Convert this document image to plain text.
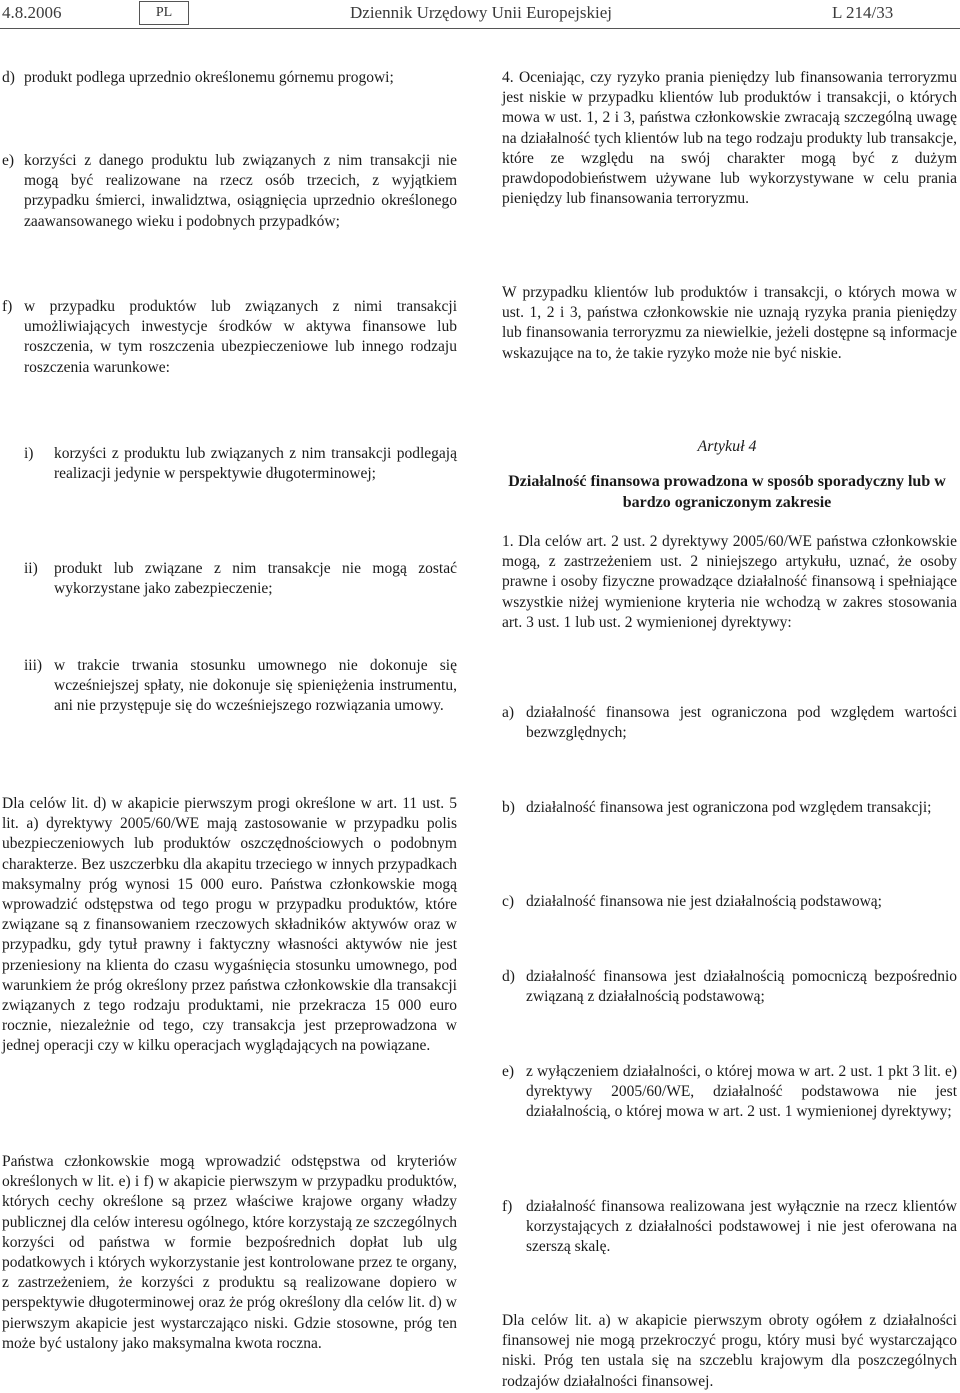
4.8.2006	PL	Dziennik Urzędowy Unii Europejskiej	L 214/33
d) produkt podlega uprzednio określonemu górnemu progowi;
e) korzyści z danego produktu lub związanych z nim transakcji nie mogą być realizowane na rzecz osób trzecich, z wyjątkiem przypadku śmierci, inwalidztwa, osiągnięcia uprzednio określonego zaawansowanego wieku i podobnych przypadków;
f) w przypadku produktów lub związanych z nimi transakcji umożliwiających inwestycje środków w aktywa finansowe lub roszczenia, w tym roszczenia ubezpieczeniowe lub innego rodzaju roszczenia warunkowe:
i) korzyści z produktu lub związanych z nim transakcji podlegają realizacji jedynie w perspektywie długoterminowej;
ii) produkt lub związane z nim transakcje nie mogą zostać wykorzystane jako zabezpieczenie;
iii) w trakcie trwania stosunku umownego nie dokonuje się wcześniejszej spłaty, nie dokonuje się spieniężenia instrumentu, ani nie przystępuje się do wcześniejszego rozwiązania umowy.

Dla celów lit. d) w akapicie pierwszym progi określone w art. 11 ust. 5 lit. a) dyrektywy 2005/60/WE mają zastosowanie w przypadku polis ubezpieczeniowych lub produktów oszczędnościowych o podobnym charakterze. Bez uszczerbku dla akapitu trzeciego w innych przypadkach maksymalny próg wynosi 15 000 euro. Państwa członkowskie mogą wprowadzić odstępstwa od tego progu w przypadku produktów, które związane są z finansowaniem rzeczowych składników aktywów oraz w przypadku, gdy tytuł prawny i faktyczny własności aktywów nie jest przeniesiony na klienta do czasu wygaśnięcia stosunku umownego, pod warunkiem że próg określony przez państwa członkowskie dla transakcji związanych z tego rodzaju produktami, nie przekracza 15 000 euro rocznie, niezależnie od tego, czy transakcja jest przeprowadzona w jednej operacji czy w kilku operacjach wyglądających na powiązane.

Państwa członkowskie mogą wprowadzić odstępstwa od kryteriów określonych w lit. e) i f) w akapicie pierwszym w przypadku produktów, których cechy określone są przez właściwe krajowe organy władzy publicznej dla celów interesu ogólnego, które korzystają ze szczególnych korzyści od państwa w formie bezpośrednich dopłat lub ulg podatkowych i których wykorzystanie jest kontrolowane przez te organy, z zastrzeżeniem, że korzyści z produktu są realizowane dopiero w perspektywie długoterminowej oraz że próg określony dla celów lit. d) w pierwszym akapicie jest wystarczająco niski. Gdzie stosowne, próg ten może być ustalony jako maksymalna kwota roczna.

4. Oceniając, czy ryzyko prania pieniędzy lub finansowania terroryzmu jest niskie w przypadku klientów lub produktów i transakcji, o których mowa w ust. 1, 2 i 3, państwa członkowskie zwracają szczególną uwagę na działalność tych klientów lub na tego rodzaju produkty lub transakcje, które ze względu na swój charakter mogą być z dużym prawdopodobieństwem używane lub wykorzystywane w celu prania pieniędzy lub finansowania terroryzmu.

W przypadku klientów lub produktów i transakcji, o których mowa w ust. 1, 2 i 3, państwa członkowskie nie uznają ryzyka prania pieniędzy lub finansowania terroryzmu za niewielkie, jeżeli dostępne są informacje wskazujące na to, że takie ryzyko może nie być niskie.

Artykuł 4
Działalność finansowa prowadzona w sposób sporadyczny lub w bardzo ograniczonym zakresie

1. Dla celów art. 2 ust. 2 dyrektywy 2005/60/WE państwa członkowskie mogą, z zastrzeżeniem ust. 2 niniejszego artykułu, uznać, że osoby prawne i osoby fizyczne prowadzące działalność finansową i spełniające wszystkie niżej wymienione kryteria nie wchodzą w zakres stosowania art. 3 ust. 1 lub ust. 2 wymienionej dyrektywy:

a) działalność finansowa jest ograniczona pod względem wartości bezwzględnych;
b) działalność finansowa jest ograniczona pod względem transakcji;
c) działalność finansowa nie jest działalnością podstawową;
d) działalność finansowa jest działalnością pomocniczą bezpośrednio związaną z działalnością podstawową;
e) z wyłączeniem działalności, o której mowa w art. 2 ust. 1 pkt 3 lit. e) dyrektywy 2005/60/WE, działalność podstawowa nie jest działalnością, o której mowa w art. 2 ust. 1 wymienionej dyrektywy;
f) działalność finansowa realizowana jest wyłącznie na rzecz klientów korzystających z działalności podstawowej i nie jest oferowana na szerszą skalę.

Dla celów lit. a) w akapicie pierwszym obroty ogółem z działalności finansowej nie mogą przekroczyć progu, który musi być wystarczająco niski. Próg ten ustala się na szczeblu krajowym dla poszczególnych rodzajów działalności finansowej.
